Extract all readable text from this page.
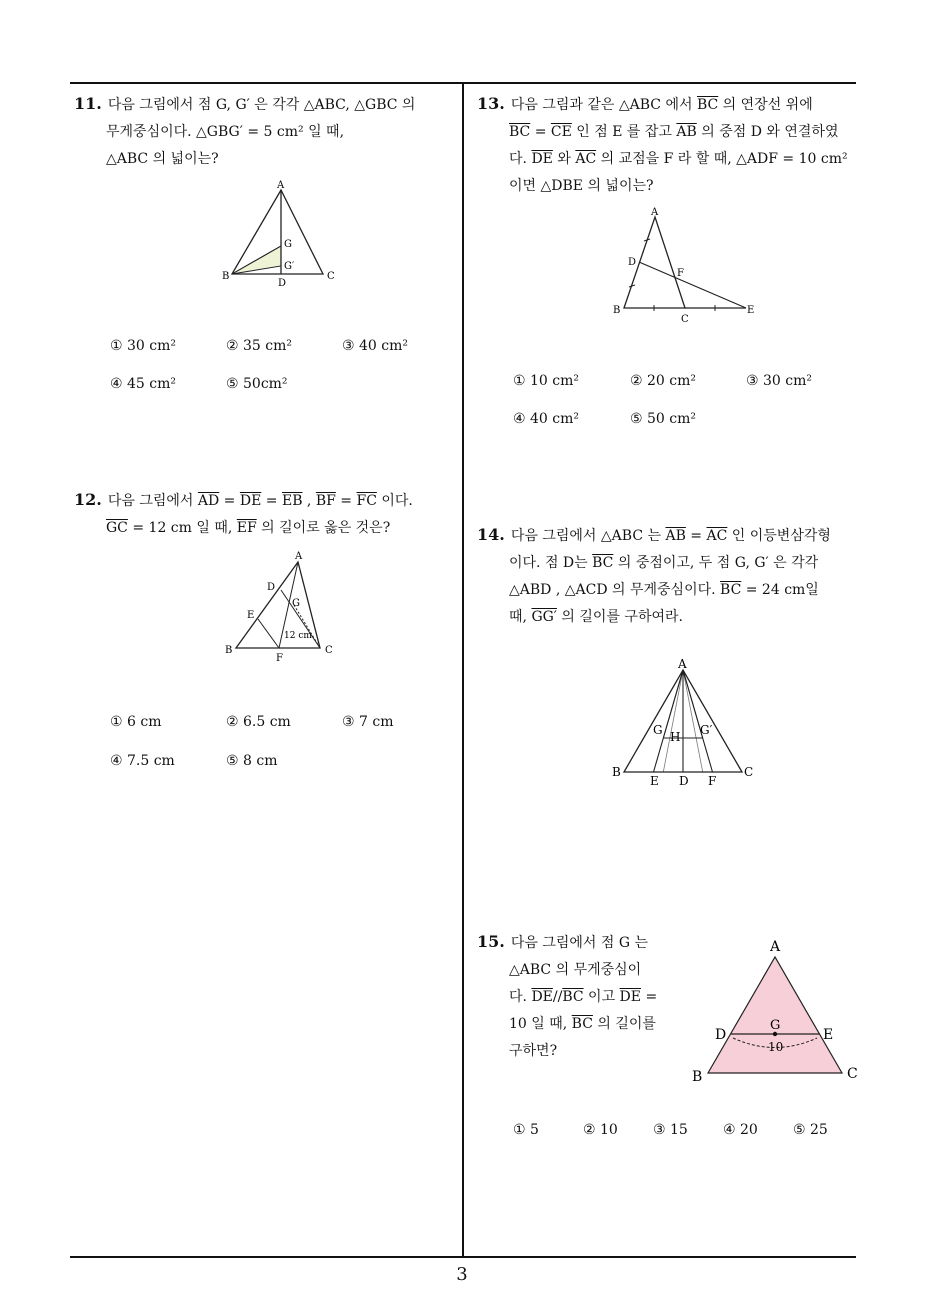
11. 다음 그림에서 점 G, G′ 은 각각 △ABC, △GBC 의
무게중심이다. △GBG′ = 5 cm² 일 때,
△ABC 의 넓이는?
A
G
G′
B	C
D
① 30 cm²	② 35 cm²	③ 40 cm²
④ 45 cm²	⑤ 50cm²
12. 다음 그림에서 $\overline{AD} = \overline{DE} = \overline{EB}$ , $\overline{BF} = \overline{FC}$ 이다.
$\overline{GC} = 12$ cm 일 때, $\overline{EF}$ 의 길이로 옳은 것은?
A
D
G
E
12 cm
B
F
C
① 6 cm	② 6.5 cm	③ 7 cm
④ 7.5 cm	⑤ 8 cm
13. 다음 그림과 같은 △ABC 에서 $\overline{BC}$ 의 연장선 위에
$\overline{BC} = \overline{CE}$ 인 점 E 를 잡고 $\overline{AB}$ 의 중점 D 와 연결하였
다. $\overline{DE}$ 와 $\overline{AC}$ 의 교점을 F 라 할 때, △ADF = 10 cm²
이면 △DBE 의 넓이는?
A
D
F
B
C
E
① 10 cm²	② 20 cm²	③ 30 cm²
④ 40 cm²	⑤ 50 cm²
14. 다음 그림에서 △ABC 는 $\overline{AB} = \overline{AC}$ 인 이등변삼각형
이다. 점 D는 $\overline{BC}$ 의 중점이고, 두 점 G, G′ 은 각각
△ABD , △ACD 의 무게중심이다. $\overline{BC} = 24$ cm일
때, GG′ 의 길이를 구하여라.
A
G	G′
H
B	C
E D F
15. 다음 그림에서 점 G 는
△ABC 의 무게중심이
다. $\overline{DE}//\overline{BC}$ 이고 $\overline{DE}$ =
10 일 때, $\overline{BC}$ 의 길이를
구하면?
A
G
D	E
10
B	C
① 5	② 10	③ 15	④ 20	⑤ 25
3
